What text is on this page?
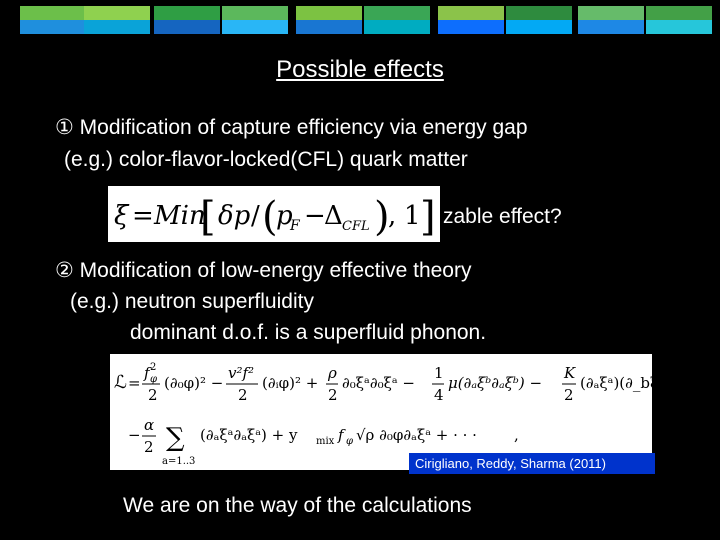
Possible effects
① Modification of capture efficiency via energy gap
(e.g.) color-flavor-locked(CFL) quark matter
ξ = Min
[ δp / (
p
F −
Δ CFL )
, 1 ] zable effect?
② Modification of low-energy effective theory
(e.g.) neutron superfluidity
dominant d.o.f. is a superfluid phonon.
ℒ =
f 2
φ
2
(∂₀φ)² −
v²f²
2
(∂ᵢφ)² +
ρ
2
∂₀ξᵃ∂₀ξᵃ −
1
4
μ(∂ₐξᵇ∂ₐξᵇ) −
K
2
(∂ₐξᵃ)(∂_bξᵇ)
−
α
2 ∑
a=1..3
(∂ₐξᵃ∂ₐξᵃ) + y mix f φ √ρ ∂₀φ∂ₐξᵃ + · · · ,
Cirigliano, Reddy, Sharma (2011)
We are on the way of the calculations
